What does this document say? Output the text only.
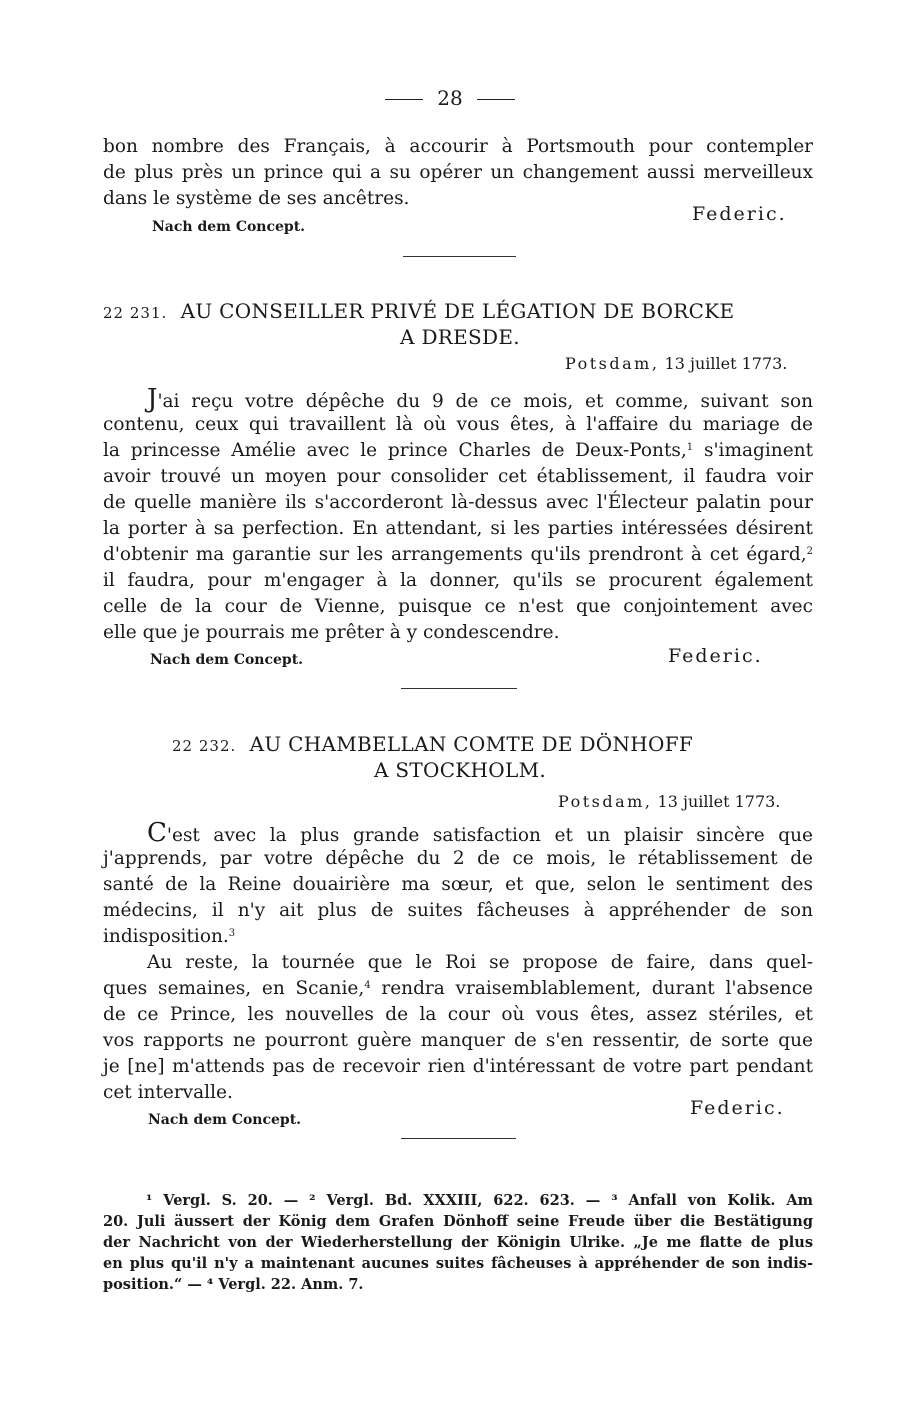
28
bon nombre des Français, à accourir à Portsmouth pour contempler
de plus près un prince qui a su opérer un changement aussi merveilleux
dans le système de ses ancêtres.
Federic.
Nach dem Concept.
22 231. AU CONSEILLER PRIVÉ DE LÉGATION DE BORCKE
A DRESDE.
Potsdam, 13 juillet 1773.
J'ai reçu votre dépêche du 9 de ce mois, et comme, suivant son
contenu, ceux qui travaillent là où vous êtes, à l'affaire du mariage de
la princesse Amélie avec le prince Charles de Deux-Ponts,$^1$ s'imaginent
avoir trouvé un moyen pour consolider cet établissement, il faudra voir
de quelle manière ils s'accorderont là-dessus avec l'Électeur palatin pour
la porter à sa perfection. En attendant, si les parties intéressées désirent
d'obtenir ma garantie sur les arrangements qu'ils prendront à cet égard,$^2$
il faudra, pour m'engager à la donner, qu'ils se procurent également
celle de la cour de Vienne, puisque ce n'est que conjointement avec
elle que je pourrais me prêter à y condescendre.
Nach dem Concept.	Federic.
22 232. AU CHAMBELLAN COMTE DE DÖNHOFF
A STOCKHOLM.
Potsdam, 13 juillet 1773.
C'est avec la plus grande satisfaction et un plaisir sincère que
j'apprends, par votre dépêche du 2 de ce mois, le rétablissement de
santé de la Reine douairière ma sœur, et que, selon le sentiment des
médecins, il n'y ait plus de suites fâcheuses à appréhender de son
indisposition.$^3$
Au reste, la tournée que le Roi se propose de faire, dans quel-
ques semaines, en Scanie,$^4$ rendra vraisemblablement, durant l'absence
de ce Prince, les nouvelles de la cour où vous êtes, assez stériles, et
vos rapports ne pourront guère manquer de s'en ressentir, de sorte que
je [ne] m'attends pas de recevoir rien d'intéressant de votre part pendant
cet intervalle.
Federic.
Nach dem Concept.
¹ Vergl. S. 20. — ² Vergl. Bd. XXXIII, 622. 623. — ³ Anfall von Kolik. Am
20. Juli äussert der König dem Grafen Dönhoff seine Freude über die Bestätigung
der Nachricht von der Wiederherstellung der Königin Ulrike. „Je me flatte de plus
en plus qu'il n'y a maintenant aucunes suites fâcheuses à appréhender de son indis-
position.“ — ⁴ Vergl. 22. Anm. 7.
